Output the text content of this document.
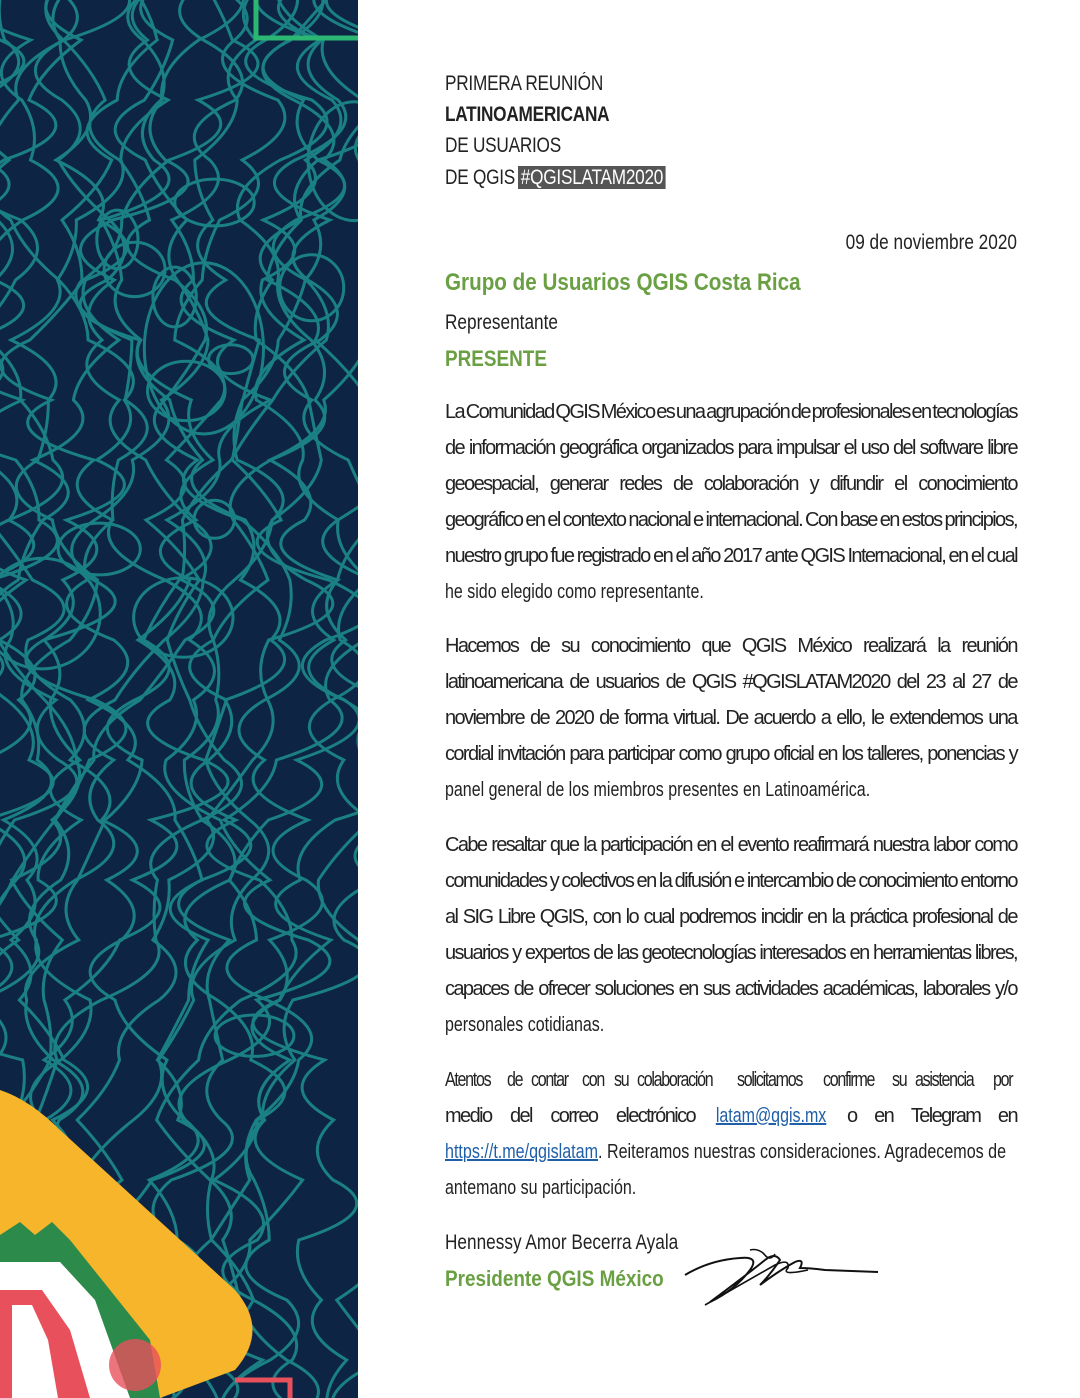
PRIMERA REUNIÓN
LATINOAMERICANA
DE USUARIOS
DE QGIS #QGISLATAM2020
09 de noviembre 2020
Grupo de Usuarios QGIS Costa Rica
Representante
PRESENTE
La Comunidad QGIS México es una agrupación de profesionales en tecnologías
de información geográfica organizados para impulsar el uso del software libre
geoespacial, generar redes de colaboración y difundir el conocimiento
geográfico en el contexto nacional e internacional. Con base en estos principios,
nuestro grupo fue registrado en el año 2017 ante QGIS Internacional, en el cual
he sido elegido como representante.
Hacemos de su conocimiento que QGIS México realizará la reunión
latinoamericana de usuarios de QGIS #QGISLATAM2020 del 23 al 27 de
noviembre de 2020 de forma virtual. De acuerdo a ello, le extendemos una
cordial invitación para participar como grupo oficial en los talleres, ponencias y
panel general de los miembros presentes en Latinoamérica.
Cabe resaltar que la participación en el evento reafirmará nuestra labor como
comunidades y colectivos en la difusión e intercambio de conocimiento entorno
al SIG Libre QGIS, con lo cual podremos incidir en la práctica profesional de
usuarios y expertos de las geotecnologías interesados en herramientas libres,
capaces de ofrecer soluciones en sus actividades académicas, laborales y/o
personales cotidianas.
Atentos de contar con su colaboración solicitamos confirme su asistencia por
medio del correo electrónico latam@qgis.mx o en Telegram en
https://t.me/qgislatam. Reiteramos nuestras consideraciones. Agradecemos de
antemano su participación.
Hennessy Amor Becerra Ayala
Presidente QGIS México
